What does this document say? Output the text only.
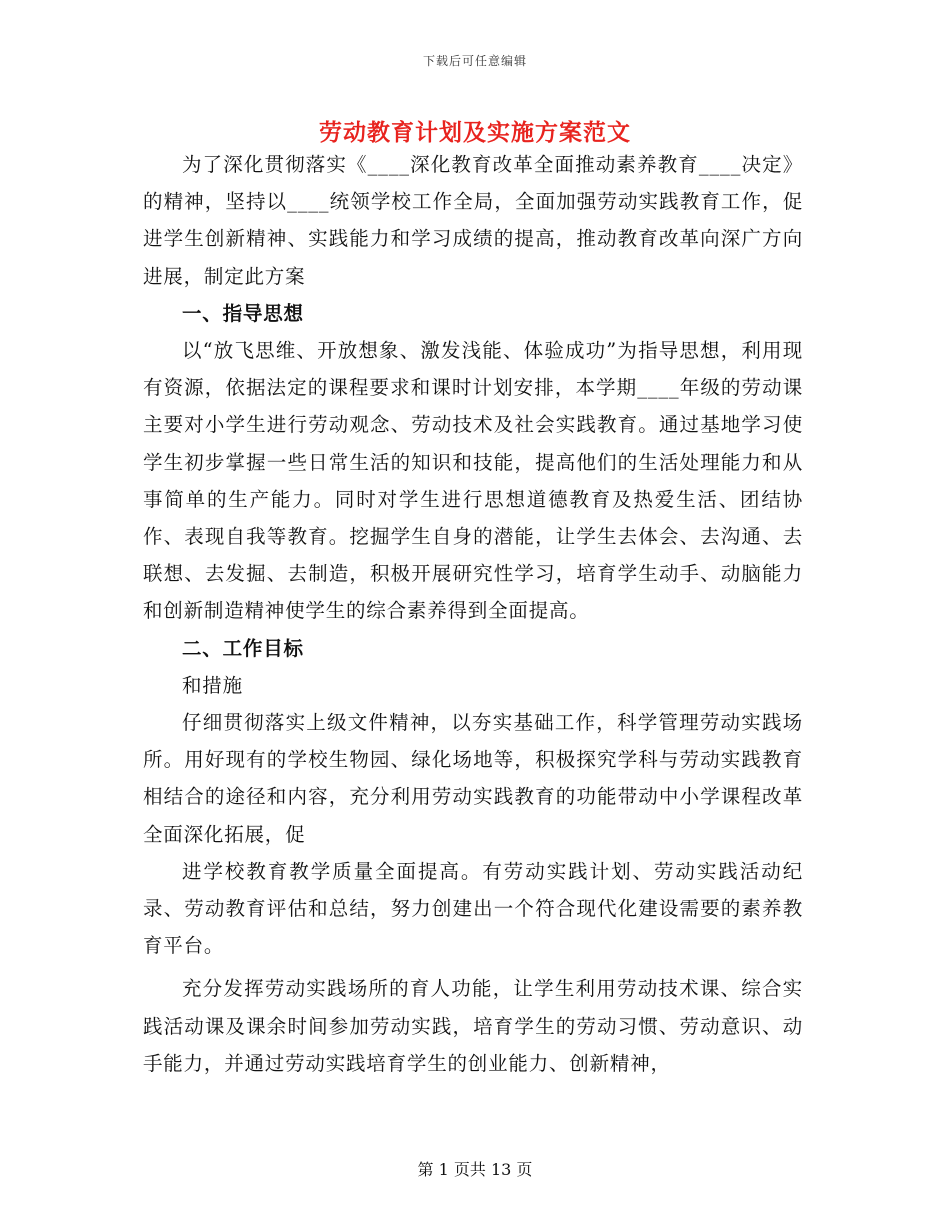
下载后可任意编辑
劳动教育计划及实施方案范文

为了深化贯彻落实《____深化教育改革全面推动素养教育____决定》的精神，坚持以____统领学校工作全局，全面加强劳动实践教育工作，促进学生创新精神、实践能力和学习成绩的提高，推动教育改革向深广方向进展，制定此方案

一、指导思想

以“放飞思维、开放想象、激发浅能、体验成功”为指导思想，利用现有资源，依据法定的课程要求和课时计划安排，本学期____年级的劳动课主要对小学生进行劳动观念、劳动技术及社会实践教育。通过基地学习使学生初步掌握一些日常生活的知识和技能，提高他们的生活处理能力和从事简单的生产能力。同时对学生进行思想道德教育及热爱生活、团结协作、表现自我等教育。挖掘学生自身的潜能，让学生去体会、去沟通、去联想、去发掘、去制造，积极开展研究性学习，培育学生动手、动脑能力和创新制造精神使学生的综合素养得到全面提高。

二、工作目标

和措施

仔细贯彻落实上级文件精神，以夯实基础工作，科学管理劳动实践场所。用好现有的学校生物园、绿化场地等，积极探究学科与劳动实践教育相结合的途径和内容，充分利用劳动实践教育的功能带动中小学课程改革全面深化拓展，促

进学校教育教学质量全面提高。有劳动实践计划、劳动实践活动纪录、劳动教育评估和总结，努力创建出一个符合现代化建设需要的素养教育平台。

充分发挥劳动实践场所的育人功能，让学生利用劳动技术课、综合实践活动课及课余时间参加劳动实践，培育学生的劳动习惯、劳动意识、动手能力，并通过劳动实践培育学生的创业能力、创新精神，

第 1 页共 13 页
